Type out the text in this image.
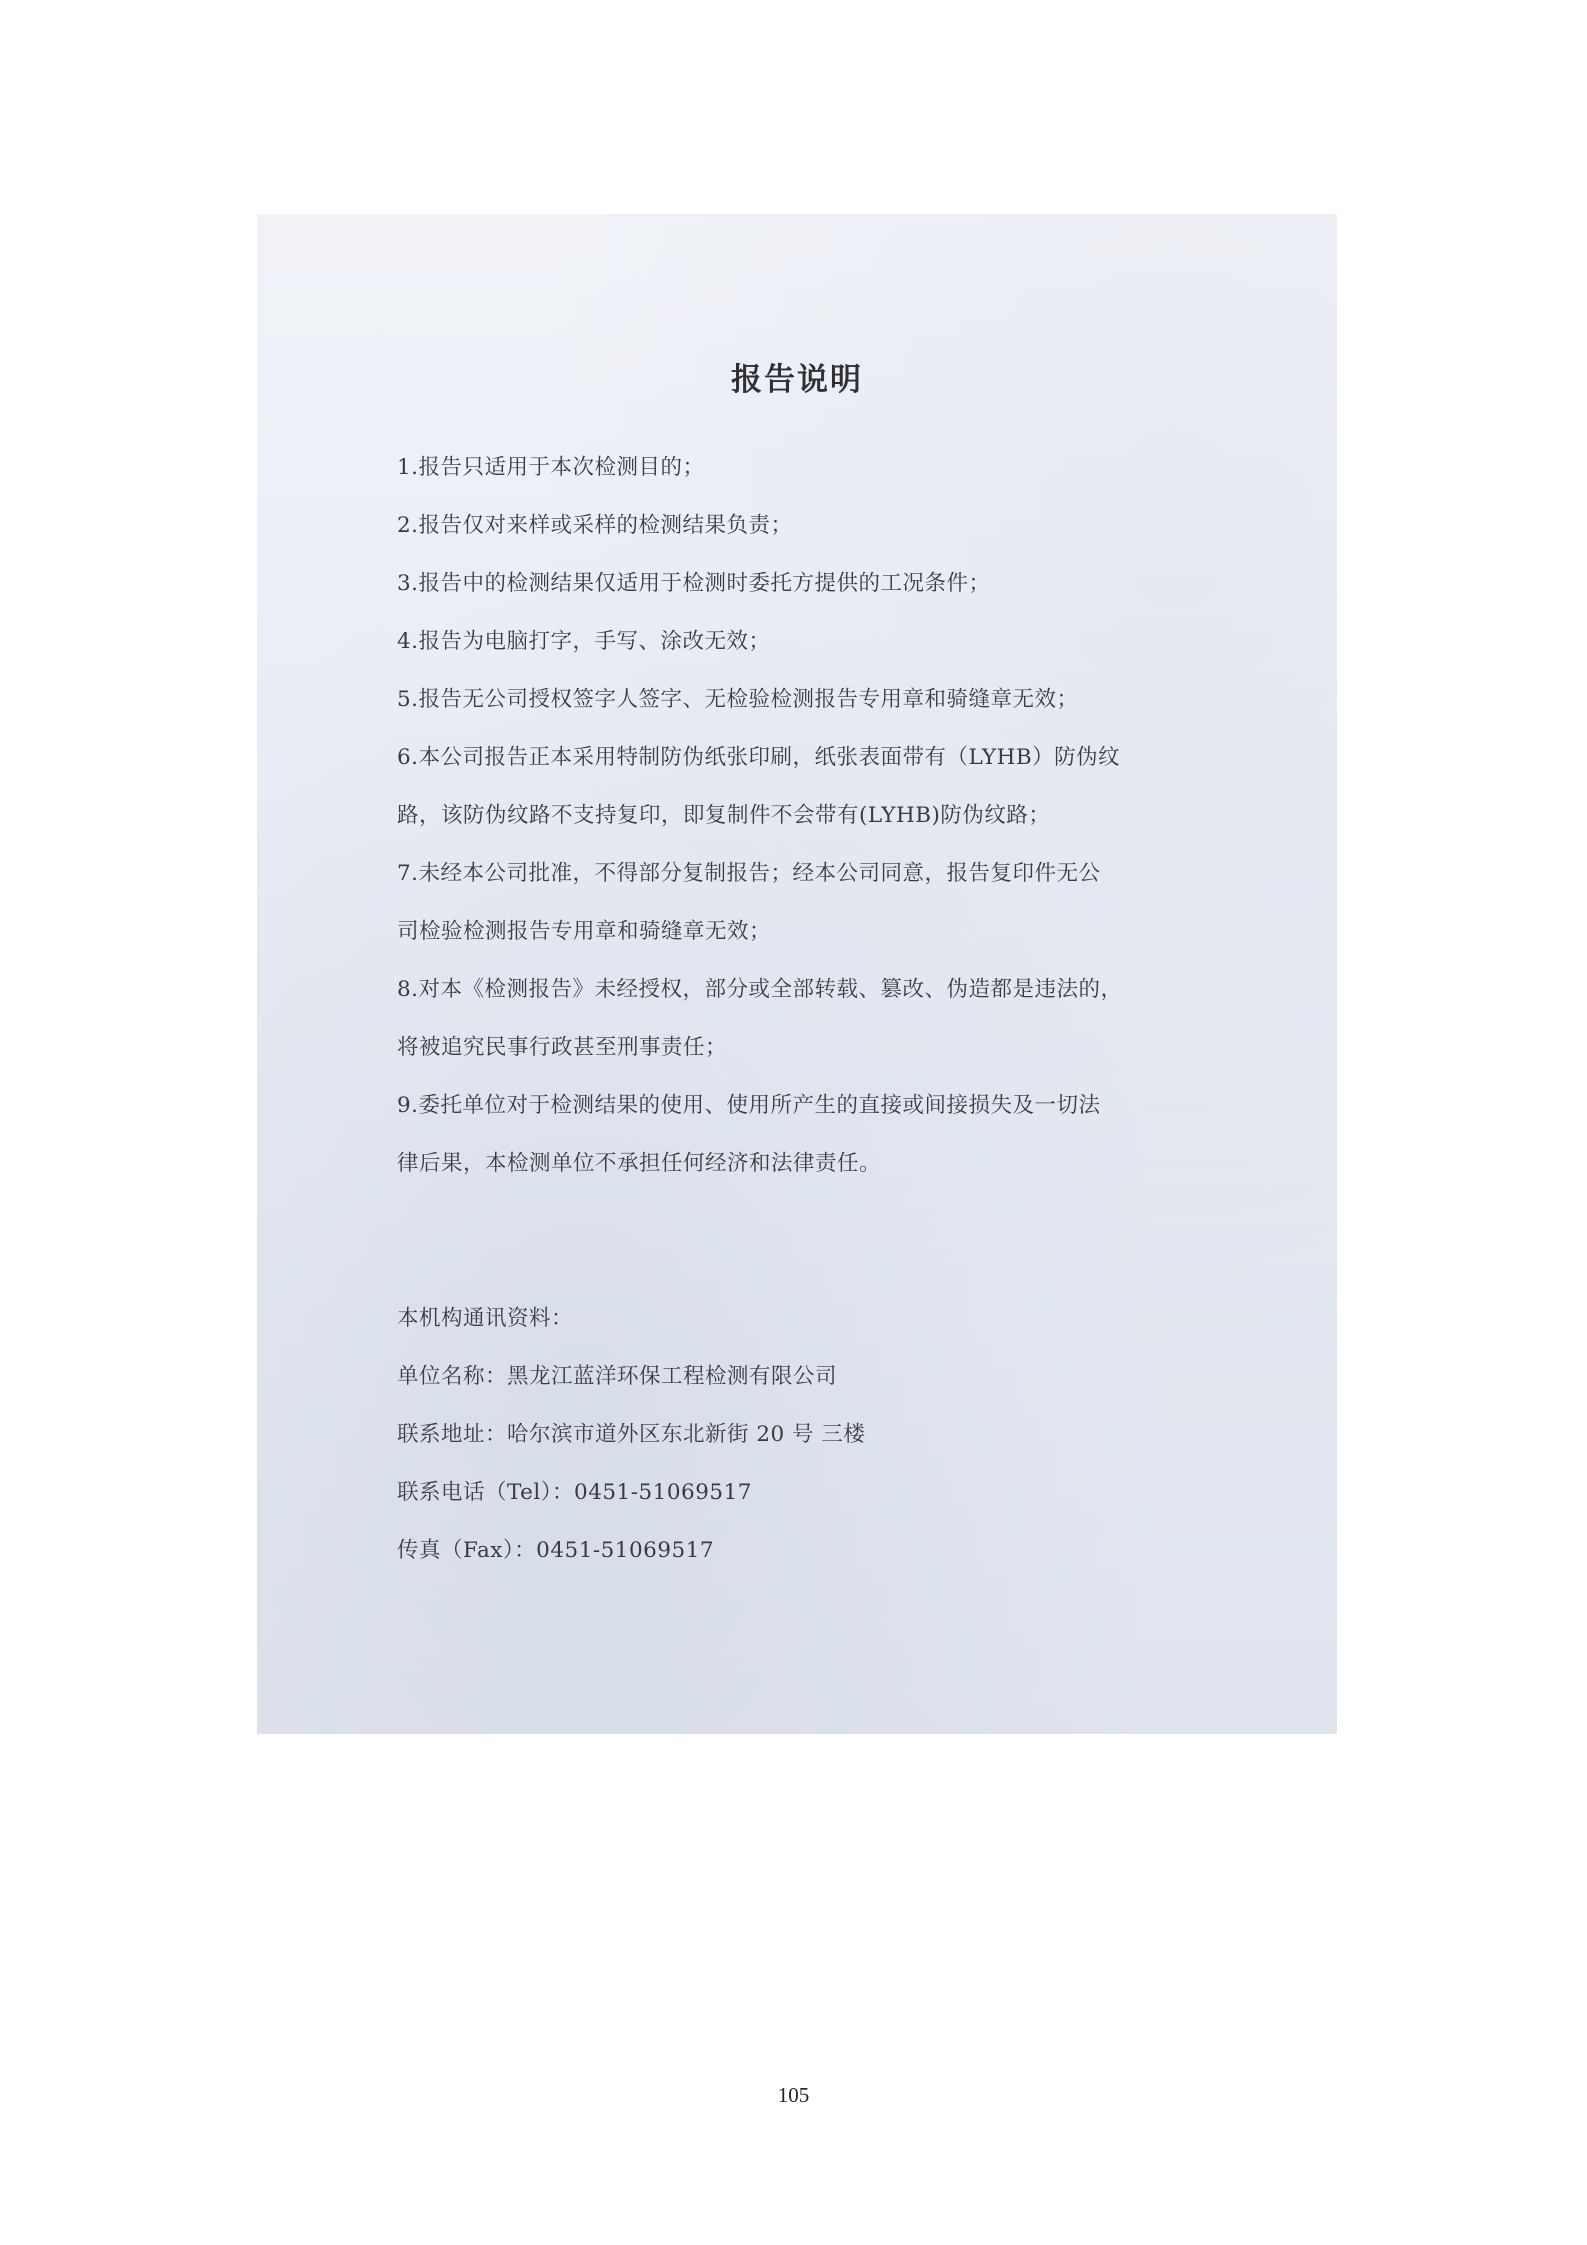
报告说明
1.报告只适用于本次检测目的；
2.报告仅对来样或采样的检测结果负责；
3.报告中的检测结果仅适用于检测时委托方提供的工况条件；
4.报告为电脑打字，手写、涂改无效；
5.报告无公司授权签字人签字、无检验检测报告专用章和骑缝章无效；
6.本公司报告正本采用特制防伪纸张印刷，纸张表面带有（LYHB）防伪纹
路，该防伪纹路不支持复印，即复制件不会带有(LYHB)防伪纹路；
7.未经本公司批准，不得部分复制报告；经本公司同意，报告复印件无公
司检验检测报告专用章和骑缝章无效；
8.对本《检测报告》未经授权，部分或全部转载、篡改、伪造都是违法的，
将被追究民事行政甚至刑事责任；
9.委托单位对于检测结果的使用、使用所产生的直接或间接损失及一切法
律后果，本检测单位不承担任何经济和法律责任。
本机构通讯资料：
单位名称：黑龙江蓝洋环保工程检测有限公司
联系地址：哈尔滨市道外区东北新街 20 号 三楼
联系电话（Tel）：0451-51069517
传真（Fax）：0451-51069517
105
